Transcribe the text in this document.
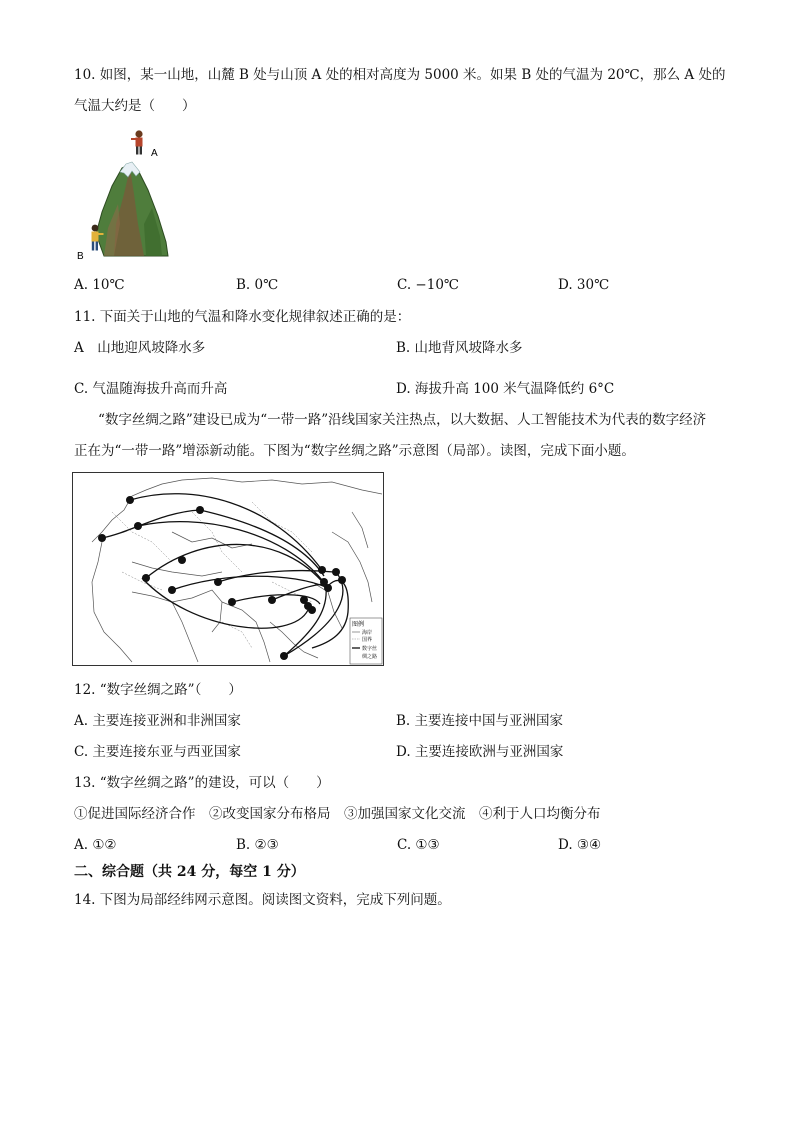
10. 如图，某一山地，山麓 B 处与山顶 A 处的相对高度为 5000 米。如果 B 处的气温为 20℃，那么 A 处的
气温大约是（　　）
A
B
A. 10℃	B. 0℃	C. −10℃	D. 30℃
11. 下面关于山地的气温和降水变化规律叙述正确的是：
A　山地迎风坡降水多	B. 山地背风坡降水多
C. 气温随海拔升高而升高	D. 海拔升高 100 米气温降低约 6°C
“数字丝绸之路”建设已成为“一带一路”沿线国家关注热点，以大数据、人工智能技术为代表的数字经济
正在为“一带一路”增添新动能。下图为“数字丝绸之路”示意图（局部）。读图，完成下面小题。
图例
海岸
国界
数字丝
绸之路
12. “数字丝绸之路”（　　）
A. 主要连接亚洲和非洲国家	B. 主要连接中国与亚洲国家
C. 主要连接东亚与西亚国家	D. 主要连接欧洲与亚洲国家
13. “数字丝绸之路”的建设，可以（　　）
①促进国际经济合作　②改变国家分布格局　③加强国家文化交流　④利于人口均衡分布
A. ①②	B. ②③	C. ①③	D. ③④
二、综合题（共 24 分，每空 1 分）
14. 下图为局部经纬网示意图。阅读图文资料，完成下列问题。
